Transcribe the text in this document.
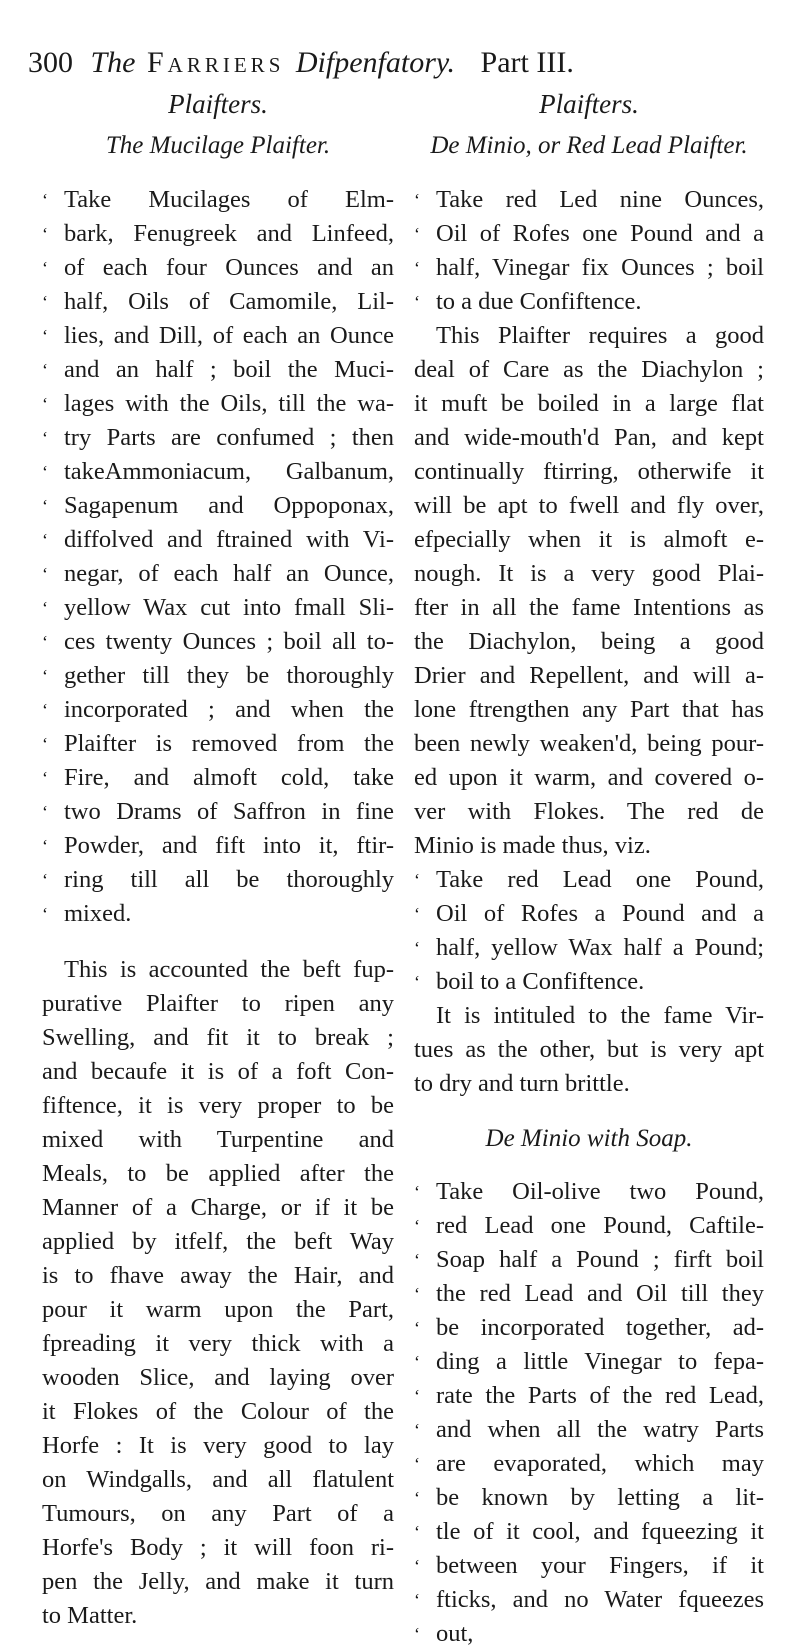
300 The Farriers Difpenfatory. Part III.
Plaifters.
The Mucilage Plaifter.
‘ Take Mucilages of Elm-
‘ bark, Fenugreek and Linfeed,
‘ of each four Ounces and an
‘ half, Oils of Camomile, Lil-
‘ lies, and Dill, of each an Ounce
‘ and an half ; boil the Muci-
‘ lages with the Oils, till the wa-
‘ try Parts are confumed ; then
‘ takeAmmoniacum, Galbanum,
‘ Sagapenum and Oppoponax,
‘ diffolved and ftrained with Vi-
‘ negar, of each half an Ounce,
‘ yellow Wax cut into fmall Sli-
‘ ces twenty Ounces ; boil all to-
‘ gether till they be thoroughly
‘ incorporated ; and when the
‘ Plaifter is removed from the
‘ Fire, and almoft cold, take
‘ two Drams of Saffron in fine
‘ Powder, and fift into it, ftir-
‘ ring till all be thoroughly
‘ mixed.
This is accounted the beft fup-
purative Plaifter to ripen any
Swelling, and fit it to break ;
and becaufe it is of a foft Con-
fiftence, it is very proper to be
mixed with Turpentine and
Meals, to be applied after the
Manner of a Charge, or if it be
applied by itfelf, the beft Way
is to fhave away the Hair, and
pour it warm upon the Part,
fpreading it very thick with a
wooden Slice, and laying over
it Flokes of the Colour of the
Horfe : It is very good to lay
on Windgalls, and all flatulent
Tumours, on any Part of a
Horfe's Body ; it will foon ri-
pen the Jelly, and make it turn
to Matter.
Plaifters.
De Minio, or Red Lead Plaifter.
‘ Take red Led nine Ounces,
‘ Oil of Rofes one Pound and a
‘ half, Vinegar fix Ounces ; boil
‘ to a due Confiftence.
This Plaifter requires a good
deal of Care as the Diachylon ;
it muft be boiled in a large flat
and wide-mouth'd Pan, and kept
continually ftirring, otherwife it
will be apt to fwell and fly over,
efpecially when it is almoft e-
nough. It is a very good Plai-
fter in all the fame Intentions as
the Diachylon, being a good
Drier and Repellent, and will a-
lone ftrengthen any Part that has
been newly weaken'd, being pour-
ed upon it warm, and covered o-
ver with Flokes. The red de
Minio is made thus, viz.
‘ Take red Lead one Pound,
‘ Oil of Rofes a Pound and a
‘ half, yellow Wax half a Pound;
‘ boil to a Confiftence.
It is intituled to the fame Vir-
tues as the other, but is very apt
to dry and turn brittle.
De Minio with Soap.
‘ Take Oil-olive two Pound,
‘ red Lead one Pound, Caftile-
‘ Soap half a Pound ; firft boil
‘ the red Lead and Oil till they
‘ be incorporated together, ad-
‘ ding a little Vinegar to fepa-
‘ rate the Parts of the red Lead,
‘ and when all the watry Parts
‘ are evaporated, which may
‘ be known by letting a lit-
‘ tle of it cool, and fqueezing it
‘ between your Fingers, if it
‘ fticks, and no Water fqueezes
‘ out,
